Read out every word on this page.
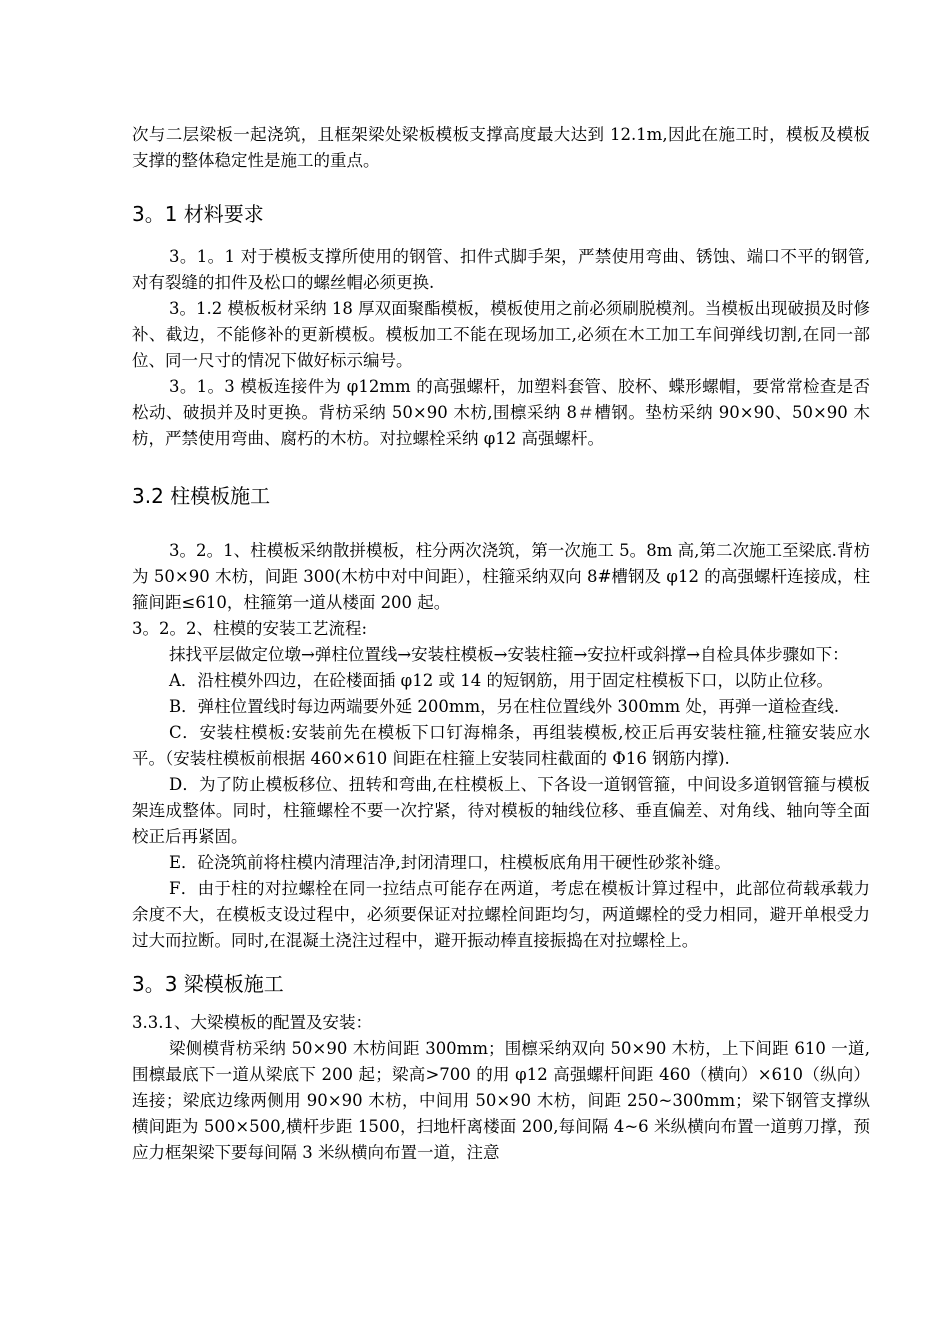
次与二层梁板一起浇筑，且框架梁处梁板模板支撑高度最大达到 12.1m,因此在施工时，模板及模板支撑的整体稳定性是施工的重点。

3。1 材料要求

3。1。1 对于模板支撑所使用的钢管、扣件式脚手架，严禁使用弯曲、锈蚀、端口不平的钢管,对有裂缝的扣件及松口的螺丝帽必须更换.

3。1.2 模板板材采纳 18 厚双面聚酯模板，模板使用之前必须刷脱模剂。当模板出现破损及时修补、截边，不能修补的更新模板。模板加工不能在现场加工,必须在木工加工车间弹线切割,在同一部位、同一尺寸的情况下做好标示编号。

3。1。3 模板连接件为 φ12mm 的高强螺杆，加塑料套管、胶杯、蝶形螺帽，要常常检查是否松动、破损并及时更换。背枋采纳 50×90 木枋,围檩采纳 8＃槽钢。垫枋采纳 90×90、50×90 木枋，严禁使用弯曲、腐朽的木枋。对拉螺栓采纳 φ12 高强螺杆。

3.2 柱模板施工

3。2。1、柱模板采纳散拼模板，柱分两次浇筑，第一次施工 5。8m 高,第二次施工至梁底.背枋为 50×90 木枋，间距 300(木枋中对中间距），柱箍采纳双向 8#槽钢及 φ12 的高强螺杆连接成，柱箍间距≤610，柱箍第一道从楼面 200 起。

3。2。2、柱模的安装工艺流程:

抹找平层做定位墩→弹柱位置线→安装柱模板→安装柱箍→安拉杆或斜撑→自检具体步骤如下：

A．沿柱模外四边，在砼楼面插 φ12 或 14 的短钢筋，用于固定柱模板下口，以防止位移。

B．弹柱位置线时每边两端要外延 200mm，另在柱位置线外 300mm 处，再弹一道检查线.

C．安装柱模板:安装前先在模板下口钉海棉条，再组装模板,校正后再安装柱箍,柱箍安装应水平。（安装柱模板前根据 460×610 间距在柱箍上安装同柱截面的 Φ16 钢筋内撑).

D．为了防止模板移位、扭转和弯曲,在柱模板上、下各设一道钢管箍，中间设多道钢管箍与模板架连成整体。同时，柱箍螺栓不要一次拧紧，待对模板的轴线位移、垂直偏差、对角线、轴向等全面校正后再紧固。

E．砼浇筑前将柱模内清理洁净,封闭清理口，柱模板底角用干硬性砂浆补缝。

F．由于柱的对拉螺栓在同一拉结点可能存在两道，考虑在模板计算过程中，此部位荷载承载力余度不大，在模板支设过程中，必须要保证对拉螺栓间距均匀，两道螺栓的受力相同，避开单根受力过大而拉断。同时,在混凝土浇注过程中，避开振动棒直接振捣在对拉螺栓上。

3。3 梁模板施工

3.3.1、大梁模板的配置及安装：

梁侧模背枋采纳 50×90 木枋间距 300mm；围檩采纳双向 50×90 木枋，上下间距 610 一道,围檩最底下一道从梁底下 200 起；梁高>700 的用 φ12 高强螺杆间距 460（横向）×610（纵向）连接；梁底边缘两侧用 90×90 木枋，中间用 50×90 木枋，间距 250~300mm；梁下钢管支撑纵横间距为 500×500,横杆步距 1500，扫地杆离楼面 200,每间隔 4~6 米纵横向布置一道剪刀撑，预应力框架梁下要每间隔 3 米纵横向布置一道，注意
